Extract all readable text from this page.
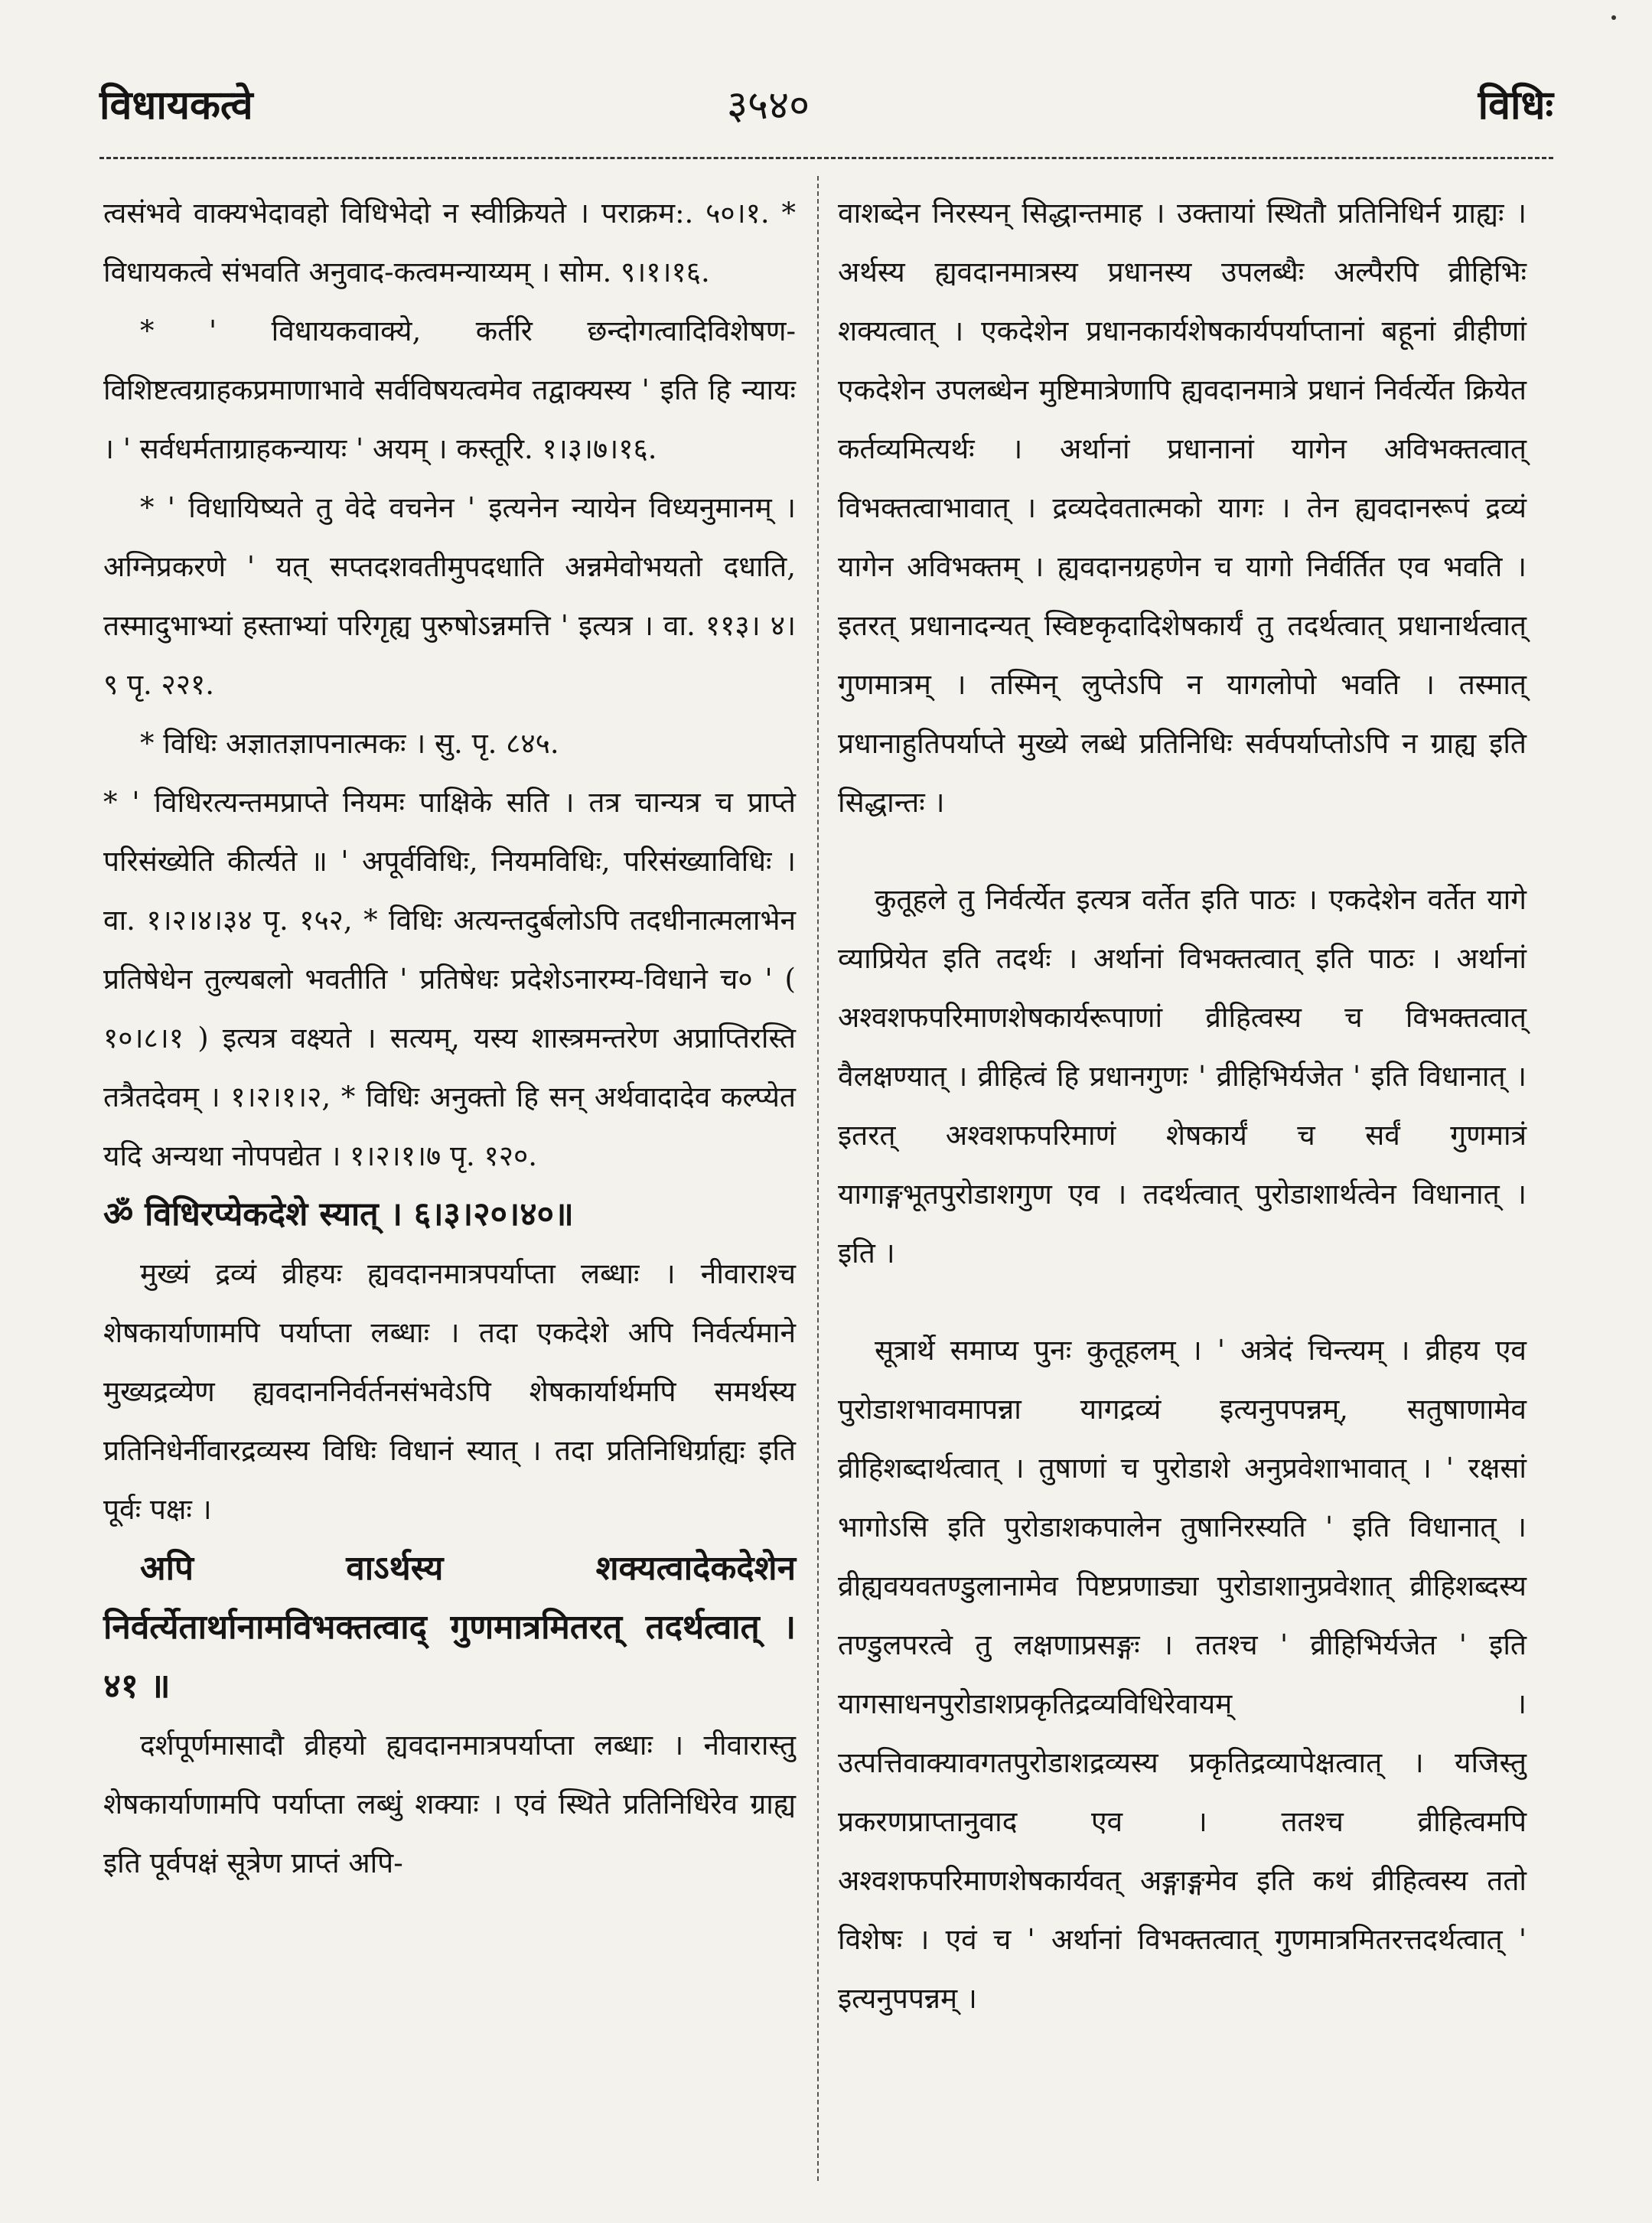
विधायकत्वे	३५४०	विधिः

त्वसंभवे वाक्यभेदावहो विधिभेदो न स्वीक्रियते । पराक्रम:. ५०।१. * विधायकत्वे संभवति अनुवाद-कत्वमन्याय्यम् । सोम. ९।१।१६.

* ' विधायकवाक्ये, कर्तरि छन्दोगत्वादिविशेषण-विशिष्टत्वग्राहकप्रमाणाभावे सर्वविषयत्वमेव तद्वाक्यस्य ' इति हि न्यायः । ' सर्वधर्मताग्राहकन्यायः ' अयम् । कस्तूरि. १।३।७।१६.

* ' विधायिष्यते तु वेदे वचनेन ' इत्यनेन न्यायेन विध्यनुमानम् । अग्निप्रकरणे ' यत् सप्तदशवतीमुपदधाति अन्नमेवोभयतो दधाति, तस्मादुभाभ्यां हस्ताभ्यां परिगृह्य पुरुषोऽन्नमत्ति ' इत्यत्र । वा. ११३। ४।९ पृ. २२१.

* विधिः अज्ञातज्ञापनात्मकः । सु. पृ. ८४५.

* ' विधिरत्यन्तमप्राप्ते नियमः पाक्षिके सति । तत्र चान्यत्र च प्राप्ते परिसंख्येति कीर्त्यते ॥ ' अपूर्वविधिः, नियमविधिः, परिसंख्याविधिः । वा. १।२।४।३४ पृ. १५२, * विधिः अत्यन्तदुर्बलोऽपि तदधीनात्मलाभेन प्रतिषेधेन तुल्यबलो भवतीति ' प्रतिषेधः प्रदेशेऽनारम्य-विधाने च० ' ( १०।८।१ ) इत्यत्र वक्ष्यते । सत्यम्, यस्य शास्त्रमन्तरेण अप्राप्तिरस्ति तत्रैतदेवम् । १।२।१।२, * विधिः अनुक्तो हि सन् अर्थवादादेव कल्प्येत यदि अन्यथा नोपपद्येत । १।२।१।७ पृ. १२०.

ॐ विधिरप्येकदेशे स्यात् । ६।३।२०।४०॥

मुख्यं द्रव्यं व्रीहयः ह्यवदानमात्रपर्याप्ता लब्धाः । नीवाराश्च शेषकार्याणामपि पर्याप्ता लब्धाः । तदा एकदेशे अपि निर्वर्त्यमाने मुख्यद्रव्येण ह्यवदाननिर्वर्तनसंभवेऽपि शेषकार्यार्थमपि समर्थस्य प्रतिनिधेर्नीवारद्रव्यस्य विधिः विधानं स्यात् । तदा प्रतिनिधिर्ग्राह्यः इति पूर्वः पक्षः ।

अपि वाऽर्थस्य शक्यत्वादेकदेशेन निर्वर्त्येतार्थानामविभक्तत्वाद् गुणमात्रमितरत् तदर्थत्वात् । ४१ ॥

दर्शपूर्णमासादौ व्रीहयो ह्यवदानमात्रपर्याप्ता लब्धाः । नीवारास्तु शेषकार्याणामपि पर्याप्ता लब्धुं शक्याः । एवं स्थिते प्रतिनिधिरेव ग्राह्य इति पूर्वपक्षं सूत्रेण प्राप्तं अपि-

वाशब्देन निरस्यन् सिद्धान्तमाह । उक्तायां स्थितौ प्रतिनिधिर्न ग्राह्यः । अर्थस्य ह्यवदानमात्रस्य प्रधानस्य उपलब्धैः अल्पैरपि व्रीहिभिः शक्यत्वात् । एकदेशेन प्रधानकार्यशेषकार्यपर्याप्तानां बहूनां व्रीहीणां एकदेशेन उपलब्धेन मुष्टिमात्रेणापि ह्यवदानमात्रे प्रधानं निर्वर्त्येत क्रियेत कर्तव्यमित्यर्थः । अर्थानां प्रधानानां यागेन अविभक्तत्वात् विभक्तत्वाभावात् । द्रव्यदेवतात्मको यागः । तेन ह्यवदानरूपं द्रव्यं यागेन अविभक्तम् । ह्यवदानग्रहणेन च यागो निर्वर्तित एव भवति । इतरत् प्रधानादन्यत् स्विष्टकृदादिशेषकार्यं तु तदर्थत्वात् प्रधानार्थत्वात् गुणमात्रम् । तस्मिन् लुप्तेऽपि न यागलोपो भवति । तस्मात् प्रधानाहुतिपर्याप्ते मुख्ये लब्धे प्रतिनिधिः सर्वपर्याप्तोऽपि न ग्राह्य इति सिद्धान्तः ।

कुतूहले तु निर्वर्त्येत इत्यत्र वर्तेत इति पाठः । एकदेशेन वर्तेत यागे व्याप्रियेत इति तदर्थः । अर्थानां विभक्तत्वात् इति पाठः । अर्थानां अश्वशफपरिमाणशेषकार्यरूपाणां व्रीहित्वस्य च विभक्तत्वात् वैलक्षण्यात् । व्रीहित्वं हि प्रधानगुणः ' व्रीहिभिर्यजेत ' इति विधानात् । इतरत् अश्वशफपरिमाणं शेषकार्यं च सर्वं गुणमात्रं यागाङ्गभूतपुरोडाशगुण एव । तदर्थत्वात् पुरोडाशार्थत्वेन विधानात् । इति ।

सूत्रार्थे समाप्य पुनः कुतूहलम् । ' अत्रेदं चिन्त्यम् । व्रीहय एव पुरोडाशभावमापन्ना यागद्रव्यं इत्यनुपपन्नम्, सतुषाणामेव व्रीहिशब्दार्थत्वात् । तुषाणां च पुरोडाशे अनुप्रवेशाभावात् । ' रक्षसां भागोऽसि इति पुरोडाशकपालेन तुषानिरस्यति ' इति विधानात् । व्रीह्यवयवतण्डुलानामेव पिष्टप्रणाड्या पुरोडाशानुप्रवेशात् व्रीहिशब्दस्य तण्डुलपरत्वे तु लक्षणाप्रसङ्गः । ततश्च ' व्रीहिभिर्यजेत ' इति यागसाधनपुरोडाशप्रकृतिद्रव्यविधिरेवायम् । उत्पत्तिवाक्यावगतपुरोडाशद्रव्यस्य प्रकृतिद्रव्यापेक्षत्वात् । यजिस्तु प्रकरणप्राप्तानुवाद एव । ततश्च व्रीहित्वमपि अश्वशफपरिमाणशेषकार्यवत् अङ्गाङ्गमेव इति कथं व्रीहित्वस्य ततो विशेषः । एवं च ' अर्थानां विभक्तत्वात् गुणमात्रमितरत्तदर्थत्वात् ' इत्यनुपपन्नम् ।
